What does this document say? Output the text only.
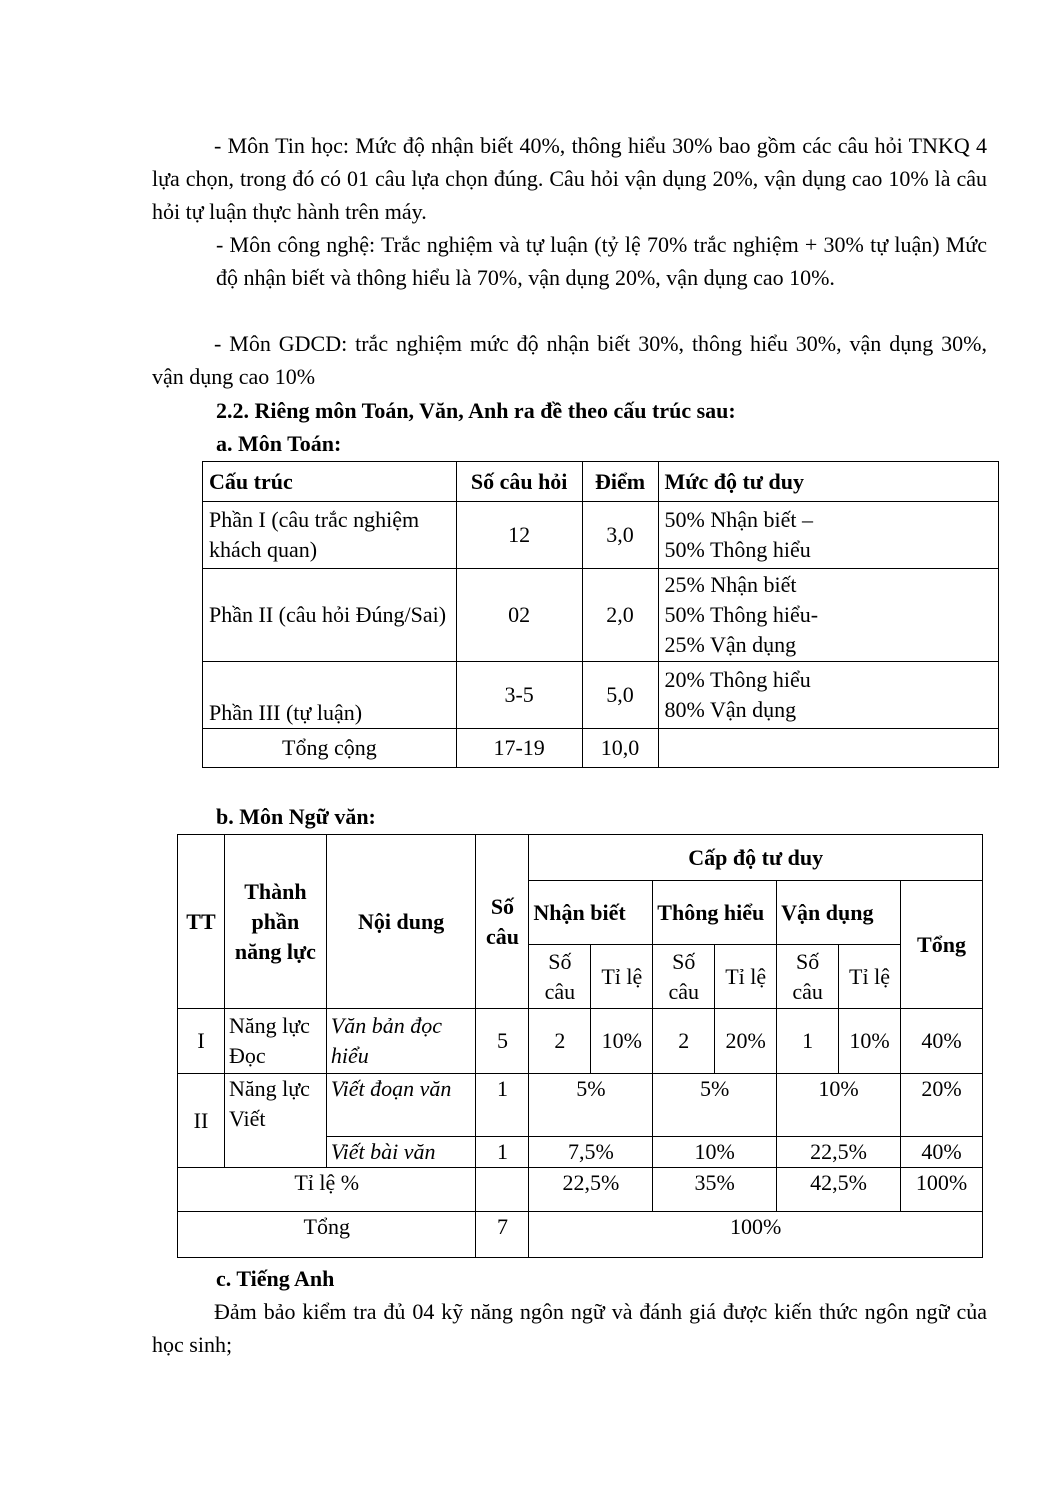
- Môn Tin học: Mức độ nhận biết 40%, thông hiểu 30% bao gồm các câu hỏi TNKQ 4 lựa chọn, trong đó có 01 câu lựa chọn đúng. Câu hỏi vận dụng 20%, vận dụng cao 10% là câu hỏi tự luận thực hành trên máy.

- Môn công nghệ: Trắc nghiệm và tự luận (tỷ lệ 70% trắc nghiệm + 30% tự luận) Mức độ nhận biết và thông hiểu là 70%, vận dụng 20%, vận dụng cao 10%.

- Môn GDCD: trắc nghiệm mức độ nhận biết 30%, thông hiểu 30%, vận dụng 30%, vận dụng cao 10%

2.2. Riêng môn Toán, Văn, Anh ra đề theo cấu trúc sau:

a. Môn Toán:

Cấu trúc	Số câu hỏi	Điểm	Mức độ tư duy
Phần I (câu trắc nghiệm khách quan)	12	3,0	50% Nhận biết –
50% Thông hiểu

Phần II (câu hỏi Đúng/Sai)	02	2,0	25% Nhận biết
50% Thông hiểu-
25% Vận dụng

Phần III (tự luận)	3-5	5,0	20% Thông hiểu
80% Vận dụng

Tổng cộng	17-19	10,0	

b. Môn Ngữ văn:

TT	Thành phần năng lực	Nội dung	Số câu	Cấp độ tư duy						
				Nhận biết		Thông hiểu		Vận dụng		Tổng
				Số câu	Tỉ lệ	Số câu	Tỉ lệ	Số câu	Tỉ lệ	
I	Năng lực Đọc	Văn bản đọc hiểu	5	2	10%	2	20%	1	10%	40%
II	Năng lực Viết	Viết đoạn văn	1	5%		5%		10%		20%
		Viết bài văn	1	7,5%		10%		22,5%		40%
Tỉ lệ %				22,5%		35%		42,5%		100%
Tổng			7	100%						

c. Tiếng Anh

Đảm bảo kiểm tra đủ 04 kỹ năng ngôn ngữ và đánh giá được kiến thức ngôn ngữ của học sinh;
